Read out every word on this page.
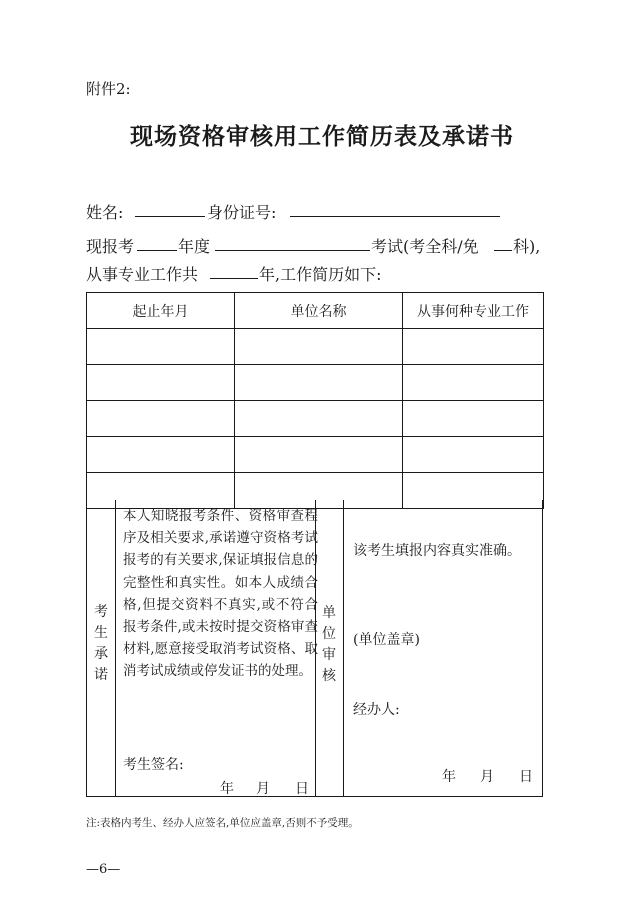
附件2:
现场资格审核用工作简历表及承诺书
姓名:	身份证号:
现报考	年度	考试(考全科/免 科),
从事专业工作共	年,工作简历如下:
起止年月	单位名称	从事何种专业工作

考生承诺
本人知晓报考条件、资格审查程序及相关要求,承诺遵守资格考试报考的有关要求,保证填报信息的完整性和真实性。如本人成绩合格,但提交资料不真实,或不符合报考条件,或未按时提交资格审查材料,愿意接受取消考试资格、取消考试成绩或停发证书的处理。
考生签名:
年 月 日
单位审核
该考生填报内容真实准确。
(单位盖章)
经办人:
年 月 日
注:表格内考生、经办人应签名,单位应盖章,否则不予受理。
—6—
